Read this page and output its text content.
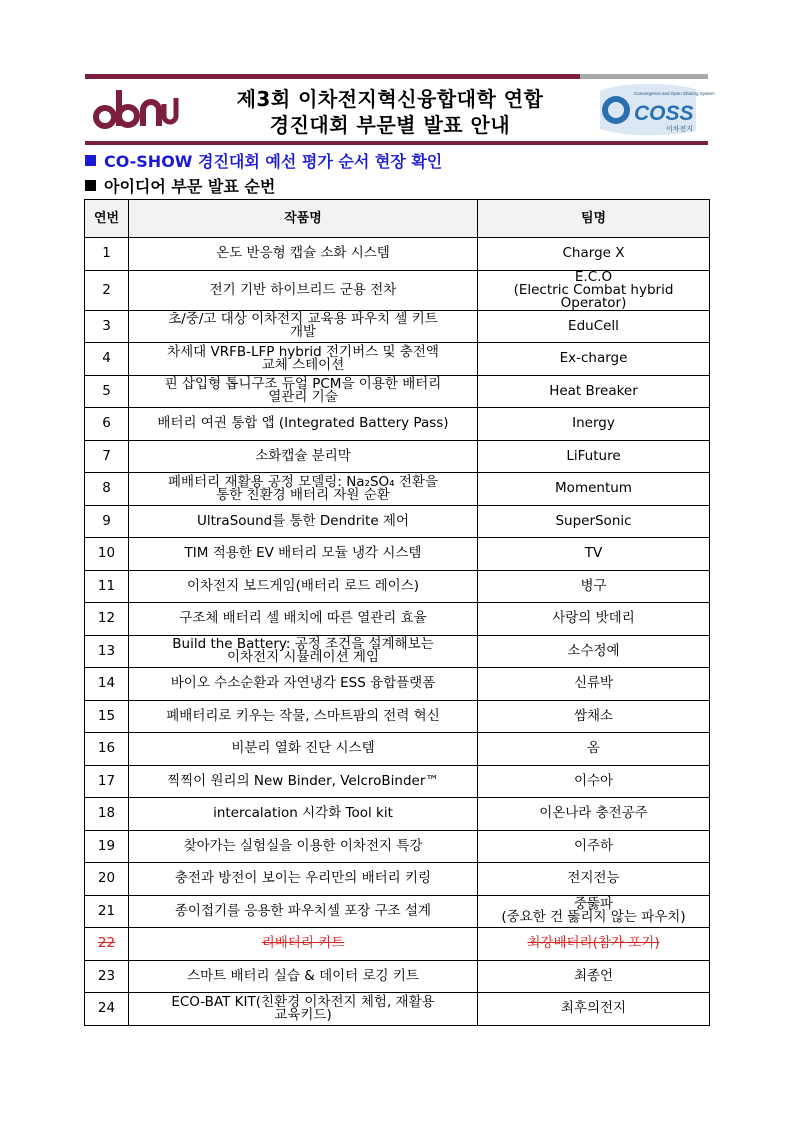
cbnu
제3회 이차전지혁신융합대학 연합
경진대회 부문별 발표 안내
Convergence and Open Sharing System
COSS
이차전지
CO-SHOW 경진대회 예선 평가 순서 현장 확인
아이디어 부문 발표 순번
연번	작품명	팀명
1	온도 반응형 캡슐 소화 시스템	Charge X
2	전기 기반 하이브리드 군용 전차	E.C.O
(Electric Combat hybrid Operator)

3	초/중/고 대상 이차전지 교육용 파우치 셀 키트
개발	EduCell
4	차세대 VRFB-LFP hybrid 전기버스 및 충전액
교체 스테이션	Ex-charge
5	핀 삽입형 톱니구조 듀얼 PCM을 이용한 배터리
열관리 기술	Heat Breaker
6	배터리 여권 통합 앱 (Integrated Battery Pass)	Inergy
7	소화캡슐 분리막	LiFuture
8	폐배터리 재활용 공정 모델링: Na₂SO₄ 전환을
통한 친환경 배터리 자원 순환	Momentum
9	UltraSound를 통한 Dendrite 제어	SuperSonic
10	TIM 적용한 EV 배터리 모듈 냉각 시스템	TV
11	이차전지 보드게임(배터리 로드 레이스)	병구
12	구조체 배터리 셀 배치에 따른 열관리 효율	사랑의 밧데리
13	Build the Battery: 공정 조건을 설계해보는
이차전지 시뮬레이션 게임	소수정예
14	바이오 수소순환과 자연냉각 ESS 융합플랫폼	신류박
15	폐배터리로 키우는 작물, 스마트팜의 전력 혁신	쌈채소
16	비분리 열화 진단 시스템	옴
17	찍찍이 원리의 New Binder, VelcroBinder™	이수아
18	intercalation 시각화 Tool kit	이온나라 충전공주
19	찾아가는 실험실을 이용한 이차전지 특강	이주하
20	충전과 방전이 보이는 우리만의 배터리 키링	전지전능
21	종이접기를 응용한 파우치셀 포장 구조 설계	중뚫파
(중요한 건 뚫리지 않는 파우치)

22	리배터리 키트	최강배터리(참가 포기)
23	스마트 배터리 실습 & 데이터 로깅 키트	최종언
24	ECO-BAT KIT(친환경 이차전지 체험, 재활용
교육키드)	최후의전지
